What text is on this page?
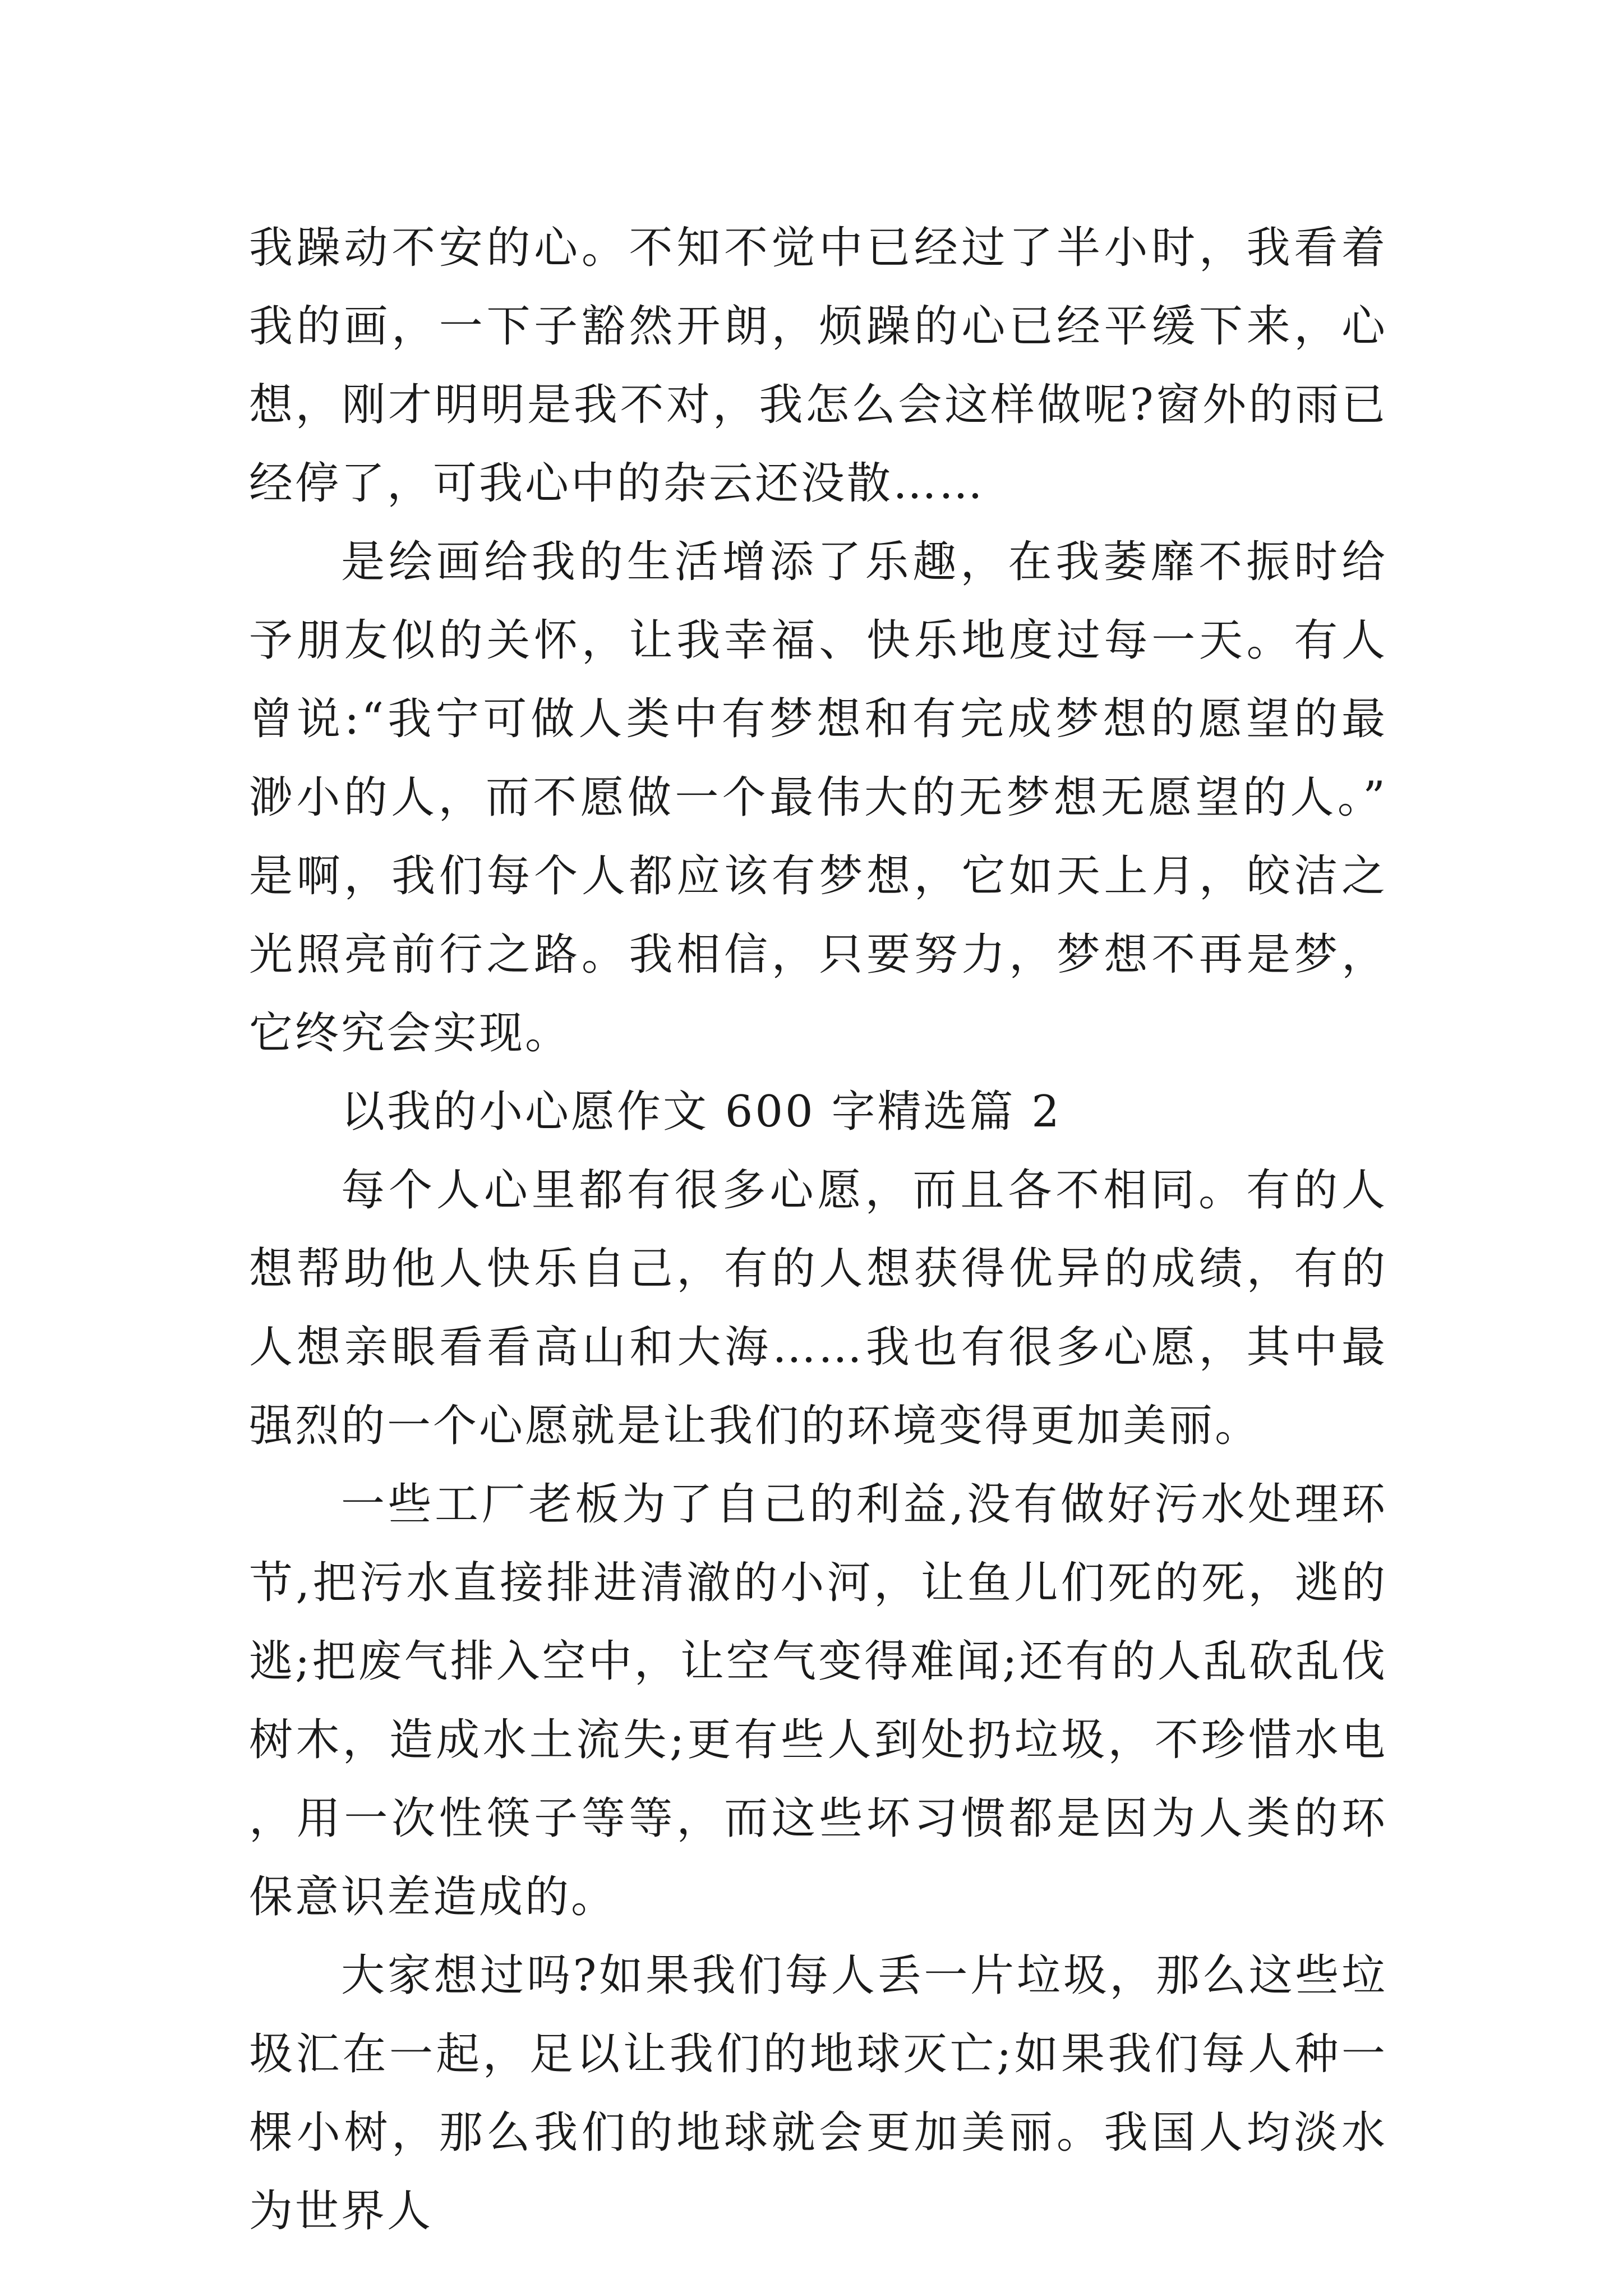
我躁动不安的心。不知不觉中已经过了半小时，我看着我的画，一下子豁然开朗，烦躁的心已经平缓下来，心想，刚才明明是我不对，我怎么会这样做呢?窗外的雨已经停了，可我心中的杂云还没散……

是绘画给我的生活增添了乐趣，在我萎靡不振时给予朋友似的关怀，让我幸福、快乐地度过每一天。有人曾说:“我宁可做人类中有梦想和有完成梦想的愿望的最渺小的人，而不愿做一个最伟大的无梦想无愿望的人。”是啊，我们每个人都应该有梦想，它如天上月，皎洁之光照亮前行之路。我相信，只要努力，梦想不再是梦，它终究会实现。

以我的小心愿作文 600 字精选篇 2

每个人心里都有很多心愿，而且各不相同。有的人想帮助他人快乐自己，有的人想获得优异的成绩，有的人想亲眼看看高山和大海……我也有很多心愿，其中最强烈的一个心愿就是让我们的环境变得更加美丽。

一些工厂老板为了自己的利益,没有做好污水处理环节,把污水直接排进清澈的小河，让鱼儿们死的死，逃的逃;把废气排入空中，让空气变得难闻;还有的人乱砍乱伐树木，造成水土流失;更有些人到处扔垃圾，不珍惜水电，用一次性筷子等等，而这些坏习惯都是因为人类的环保意识差造成的。

大家想过吗?如果我们每人丢一片垃圾，那么这些垃圾汇在一起，足以让我们的地球灭亡;如果我们每人种一棵小树，那么我们的地球就会更加美丽。我国人均淡水为世界人
